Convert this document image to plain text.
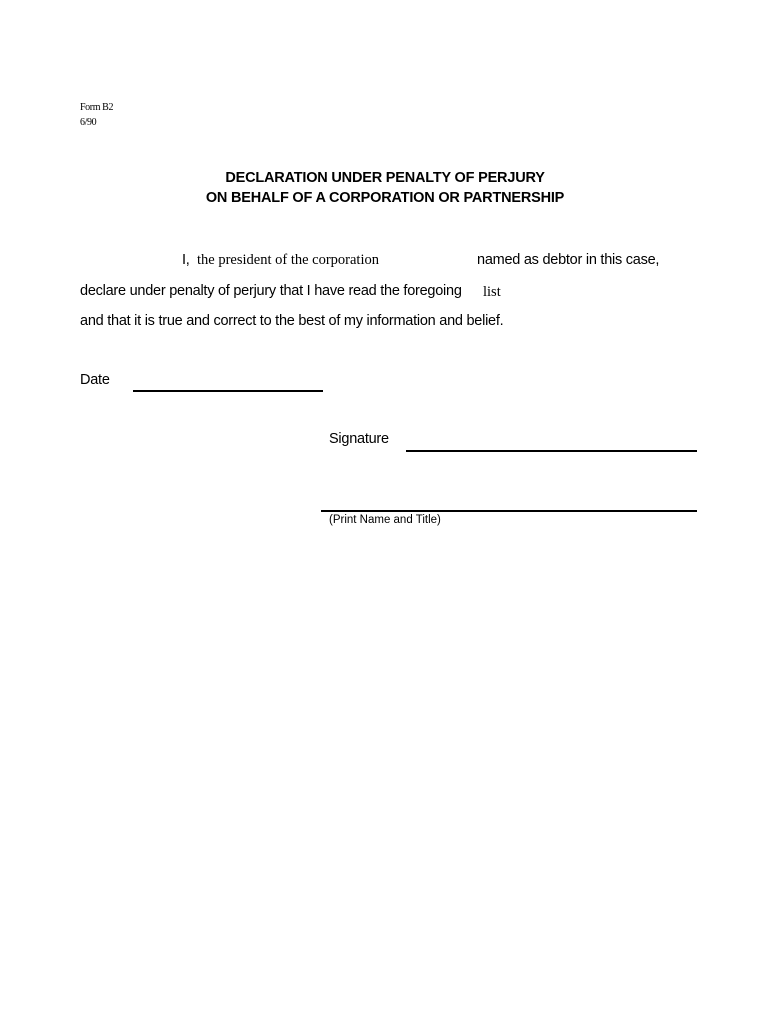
Form B2
6/90
DECLARATION UNDER PENALTY OF PERJURY
ON BEHALF OF A CORPORATION OR PARTNERSHIP
I, the president of the corporation	named as debtor in this case,
declare under penalty of perjury that I have read the foregoing list
and that it is true and correct to the best of my information and belief.
Date
Signature
(Print Name and Title)
